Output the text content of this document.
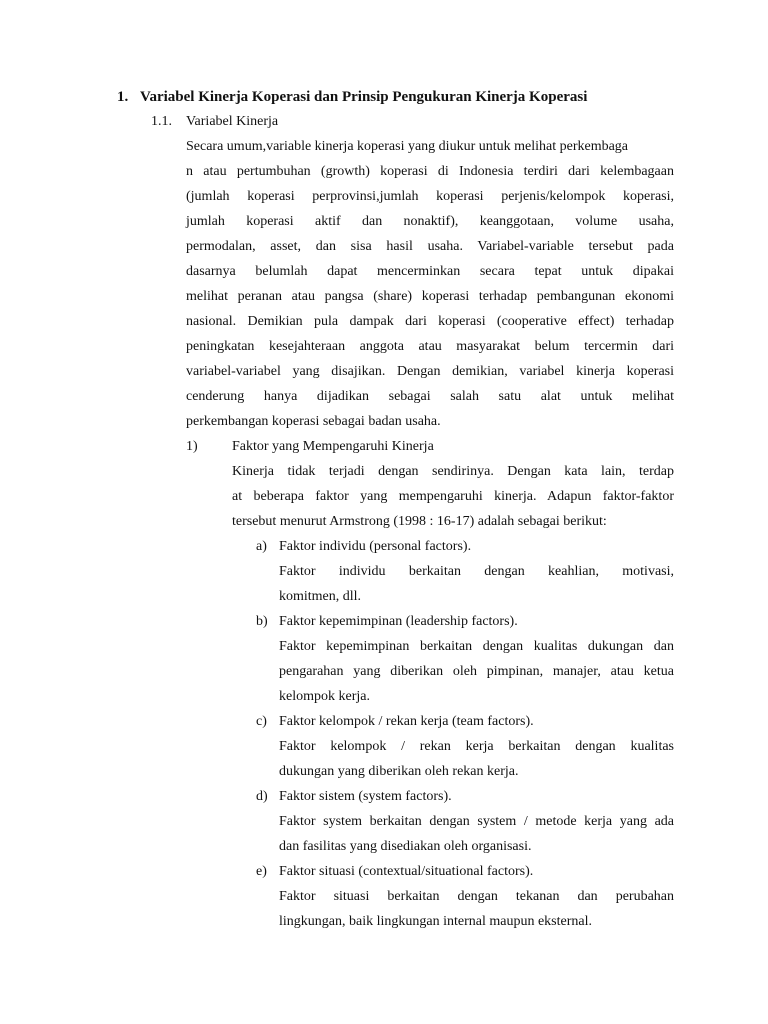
1. Variabel Kinerja Koperasi dan Prinsip Pengukuran Kinerja Koperasi
1.1. Variabel Kinerja
Secara umum,variable kinerja koperasi yang diukur untuk melihat perkembaga
n atau pertumbuhan (growth) koperasi di Indonesia terdiri dari kelembagaan
(jumlah koperasi perprovinsi,jumlah koperasi perjenis/kelompok koperasi,
jumlah koperasi aktif dan nonaktif), keanggotaan, volume usaha,
permodalan, asset, dan sisa hasil usaha. Variabel-variable tersebut pada
dasarnya belumlah dapat mencerminkan secara tepat untuk dipakai
melihat peranan atau pangsa (share) koperasi terhadap pembangunan ekonomi
nasional. Demikian pula dampak dari koperasi (cooperative effect) terhadap
peningkatan kesejahteraan anggota atau masyarakat belum tercermin dari
variabel-variabel yang disajikan. Dengan demikian, variabel kinerja koperasi
cenderung hanya dijadikan sebagai salah satu alat untuk melihat
perkembangan koperasi sebagai badan usaha.
1) Faktor yang Mempengaruhi Kinerja
Kinerja tidak terjadi dengan sendirinya. Dengan kata lain, terdap
at beberapa faktor yang mempengaruhi kinerja. Adapun faktor-faktor
tersebut menurut Armstrong (1998 : 16-17) adalah sebagai berikut:
a) Faktor individu (personal factors).
Faktor individu berkaitan dengan keahlian, motivasi,
komitmen, dll.
b) Faktor kepemimpinan (leadership factors).
Faktor kepemimpinan berkaitan dengan kualitas dukungan dan
pengarahan yang diberikan oleh pimpinan, manajer, atau ketua
kelompok kerja.
c) Faktor kelompok / rekan kerja (team factors).
Faktor kelompok / rekan kerja berkaitan dengan kualitas
dukungan yang diberikan oleh rekan kerja.
d) Faktor sistem (system factors).
Faktor system berkaitan dengan system / metode kerja yang ada
dan fasilitas yang disediakan oleh organisasi.
e) Faktor situasi (contextual/situational factors).
Faktor situasi berkaitan dengan tekanan dan perubahan
lingkungan, baik lingkungan internal maupun eksternal.
